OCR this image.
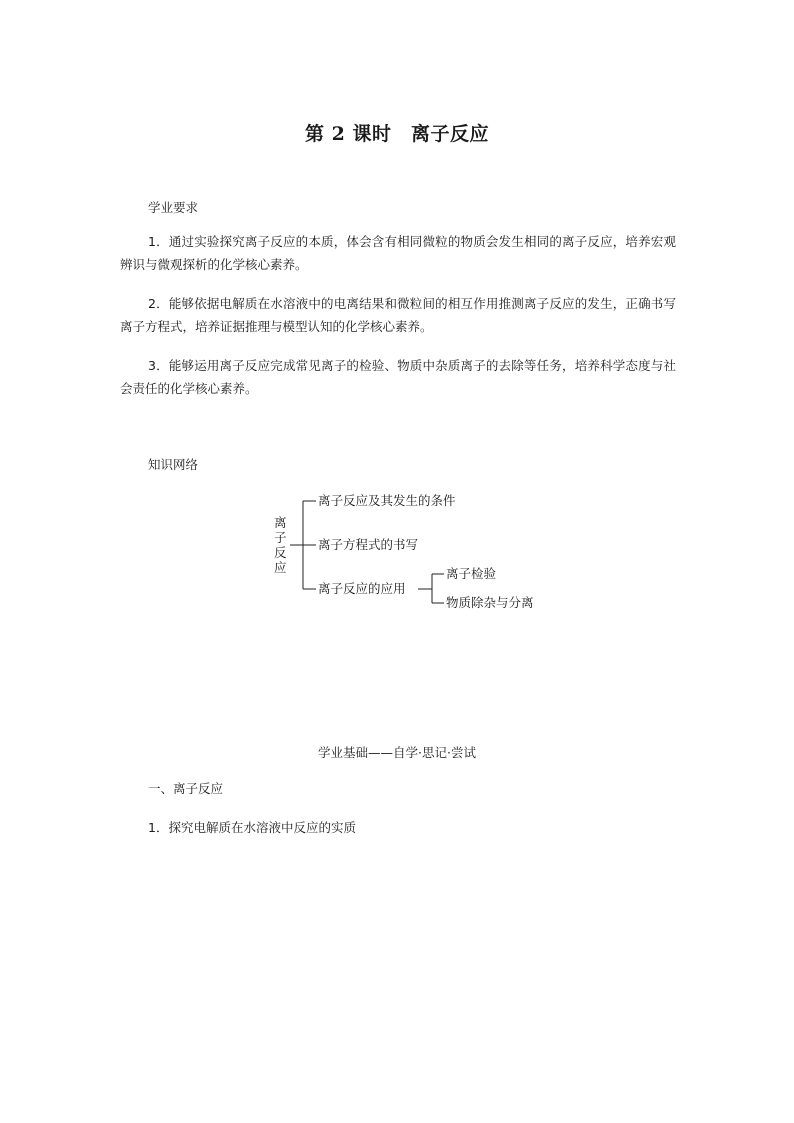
第 2 课时　离子反应
学业要求

1．通过实验探究离子反应的本质，体会含有相同微粒的物质会发生相同的离子反应，培养宏观辨识与微观探析的化学核心素养。

2．能够依据电解质在水溶液中的电离结果和微粒间的相互作用推测离子反应的发生，正确书写离子方程式，培养证据推理与模型认知的化学核心素养。

3．能够运用离子反应完成常见离子的检验、物质中杂质离子的去除等任务，培养科学态度与社会责任的化学核心素养。

知识网络
离子反应
离子反应及其发生的条件
离子方程式的书写
离子反应的应用
离子检验
物质除杂与分离
学业基础——自学·思记·尝试
一、离子反应
1．探究电解质在水溶液中反应的实质
